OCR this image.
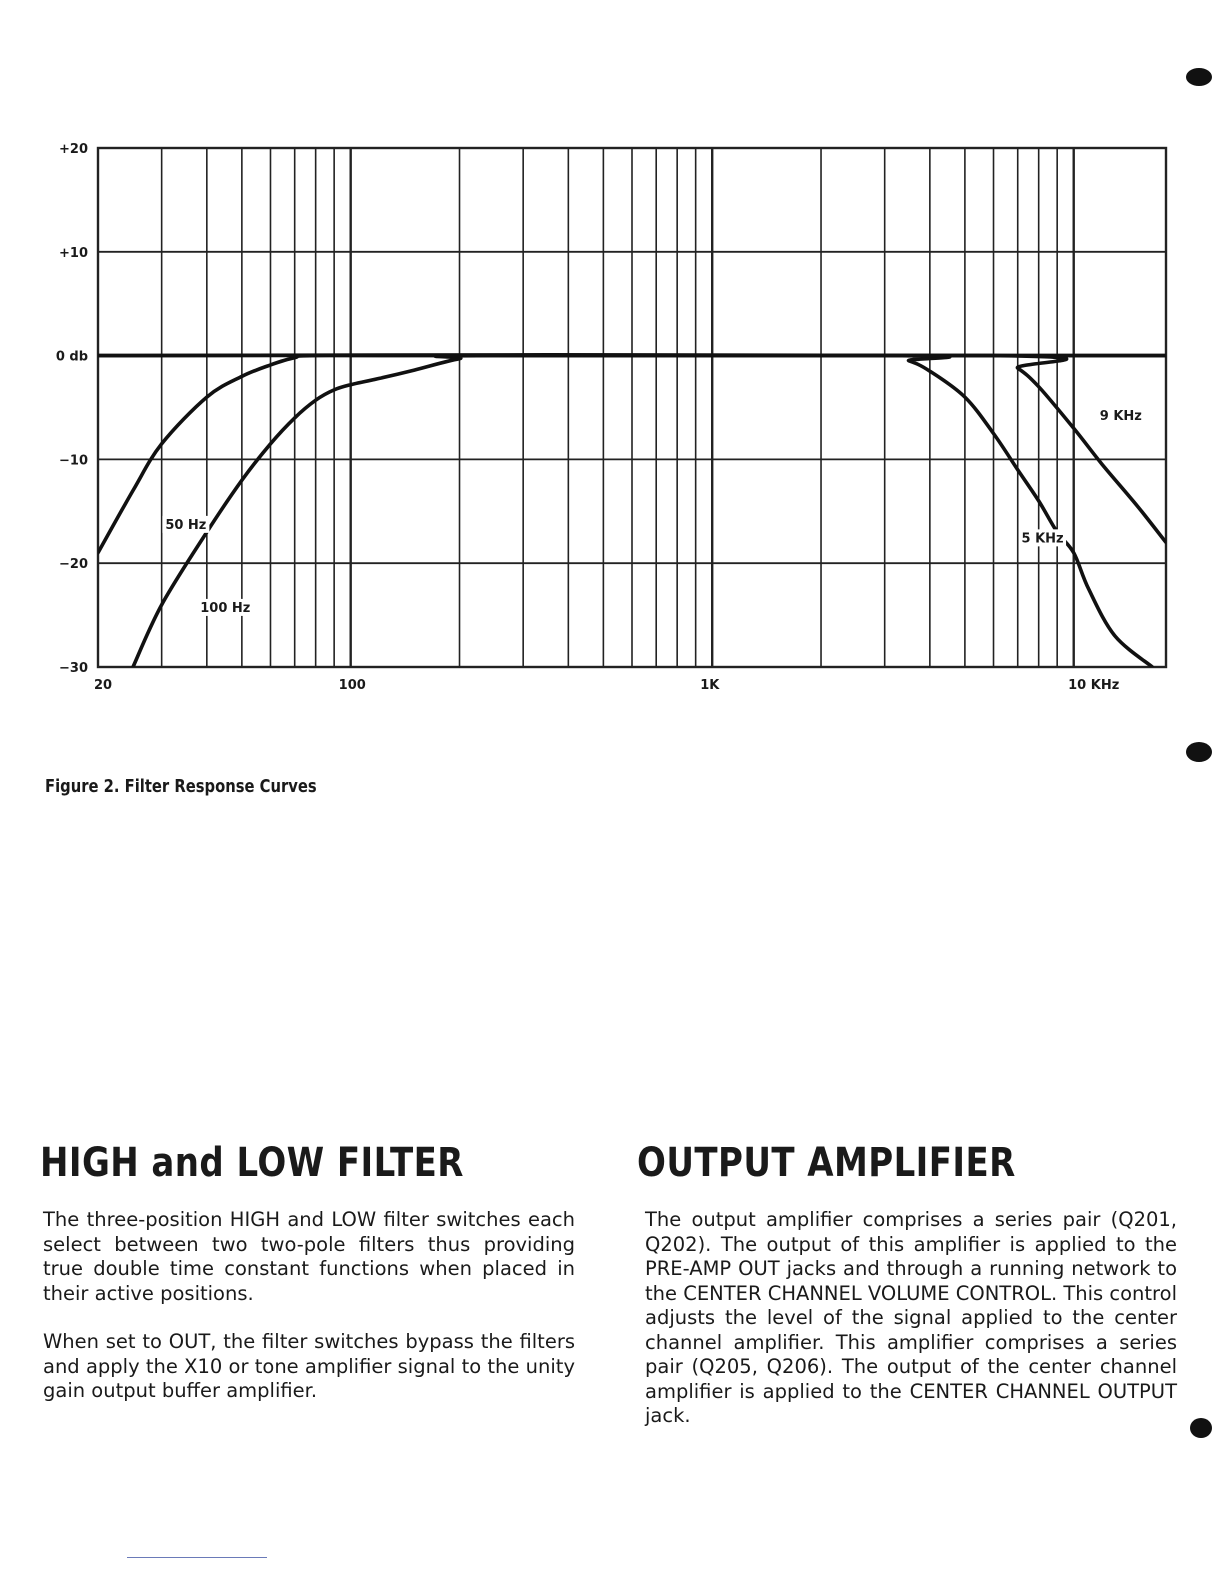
50 Hz
100 Hz
5 KHz
9 KHz
+20
+10
0 db
−10
−20
−30
20	100	1K	10 KHz
Figure 2. Filter Response Curves
HIGH and LOW FILTER

The three-position HIGH and LOW filter switches each select between two two-pole filters thus providing true double time constant functions when placed in their active positions.

When set to OUT, the filter switches bypass the filters and apply the X10 or tone amplifier signal to the unity gain output buffer amplifier.

OUTPUT AMPLIFIER

The output amplifier comprises a series pair (Q201, Q202). The output of this amplifier is applied to the PRE-AMP OUT jacks and through a running network to the CENTER CHANNEL VOLUME CONTROL. This control adjusts the level of the signal applied to the center channel amplifier. This amplifier comprises a series pair (Q205, Q206). The output of the center channel amplifier is applied to the CENTER CHANNEL OUTPUT jack.
